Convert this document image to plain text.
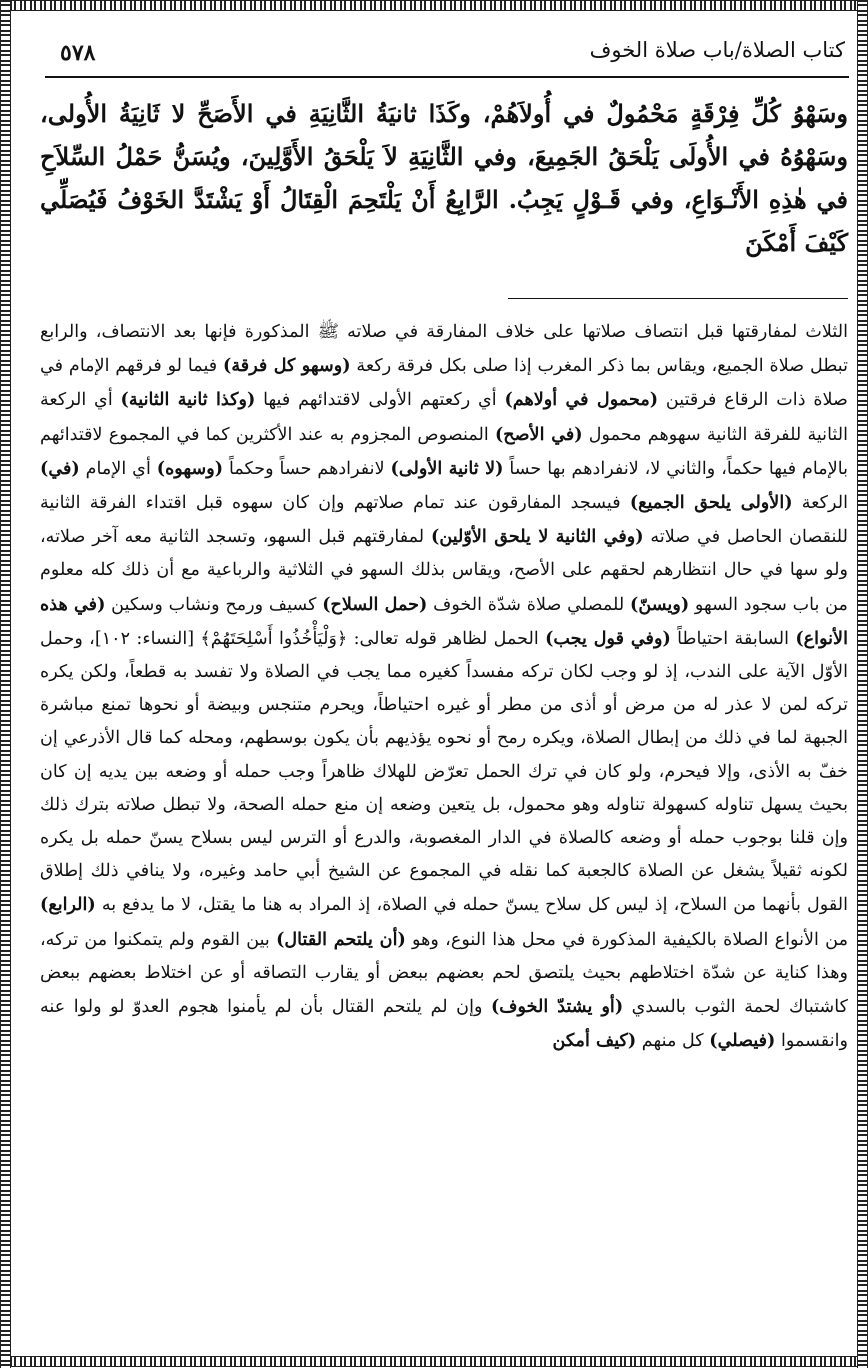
كتاب الصلاة/باب صلاة الخوف
٥٧٨

وسَهْوُ كُلِّ فِرْقَةٍ مَحْمُولٌ في أُولاَهُمْ، وكَذَا ثانيَةُ الثَّانِيَةِ في الأَصَحِّ لا ثَانِيَةُ الأُولى، وسَهْوُهُ في الأُولَى يَلْحَقُ الجَمِيعَ، وفي الثَّانِيَةِ لاَ يَلْحَقُ الأَوَّلِينَ، ويُسَنُّ حَمْلُ السِّلاَحِ في هٰذِهِ الأَنْـوَاعِ، وفي قَـوْلٍ يَجِبُ. الرَّابِعُ أَنْ يَلْتَحِمَ الْقِتَالُ أَوْ يَشْتَدَّ الخَوْفُ فَيُصَلِّي كَيْفَ أَمْكَنَ

الثلاث لمفارقتها قبل انتصاف صلاتها على خلاف المفارقة في صلاته ﷺ المذكورة فإنها بعد الانتصاف، والرابع تبطل صلاة الجميع، ويقاس بما ذكر المغرب إذا صلى بكل فرقة ركعة (وسهو كل فرقة) فيما لو فرقهم الإمام في صلاة ذات الرقاع فرقتين (محمول في أولاهم) أي ركعتهم الأولى لاقتدائهم فيها (وكذا ثانية الثانية) أي الركعة الثانية للفرقة الثانية سهوهم محمول (في الأصح) المنصوص المجزوم به عند الأكثرين كما في المجموع لاقتدائهم بالإمام فيها حكماً، والثاني لا، لانفرادهم بها حساً (لا ثانية الأولى) لانفرادهم حساً وحكماً (وسهوه) أي الإمام (في) الركعة (الأولى يلحق الجميع) فيسجد المفارقون عند تمام صلاتهم وإن كان سهوه قبل اقتداء الفرقة الثانية للنقصان الحاصل في صلاته (وفي الثانية لا يلحق الأوّلين) لمفارقتهم قبل السهو، وتسجد الثانية معه آخر صلاته، ولو سها في حال انتظارهم لحقهم على الأصح، ويقاس بذلك السهو في الثلاثية والرباعية مع أن ذلك كله معلوم من باب سجود السهو (ويسنّ) للمصلي صلاة شدّة الخوف (حمل السلاح) كسيف ورمح ونشاب وسكين (في هذه الأنواع) السابقة احتياطاً (وفي قول يجب) الحمل لظاهر قوله تعالى: ﴿وَلْيَأْخُذُوا أَسْلِحَتَهُمْ﴾ [النساء: ١٠٢]، وحمل الأوّل الآية على الندب، إذ لو وجب لكان تركه مفسداً كغيره مما يجب في الصلاة ولا تفسد به قطعاً، ولكن يكره تركه لمن لا عذر له من مرض أو أذى من مطر أو غيره احتياطاً، ويحرم متنجس وبيضة أو نحوها تمنع مباشرة الجبهة لما في ذلك من إبطال الصلاة، ويكره رمح أو نحوه يؤذيهم بأن يكون بوسطهم، ومحله كما قال الأذرعي إن خفّ به الأذى، وإلا فيحرم، ولو كان في ترك الحمل تعرّض للهلاك ظاهراً وجب حمله أو وضعه بين يديه إن كان بحيث يسهل تناوله كسهولة تناوله وهو محمول، بل يتعين وضعه إن منع حمله الصحة، ولا تبطل صلاته بترك ذلك وإن قلنا بوجوب حمله أو وضعه كالصلاة في الدار المغصوبة، والدرع أو الترس ليس بسلاح يسنّ حمله بل يكره لكونه ثقيلاً يشغل عن الصلاة كالجعبة كما نقله في المجموع عن الشيخ أبي حامد وغيره، ولا ينافي ذلك إطلاق القول بأنهما من السلاح، إذ ليس كل سلاح يسنّ حمله في الصلاة، إذ المراد به هنا ما يقتل، لا ما يدفع به (الرابع) من الأنواع الصلاة بالكيفية المذكورة في محل هذا النوع، وهو (أن يلتحم القتال) بين القوم ولم يتمكنوا من تركه، وهذا كناية عن شدّة اختلاطهم بحيث يلتصق لحم بعضهم ببعض أو يقارب التصاقه أو عن اختلاط بعضهم ببعض كاشتباك لحمة الثوب بالسدي (أو يشتدّ الخوف) وإن لم يلتحم القتال بأن لم يأمنوا هجوم العدوّ لو ولوا عنه وانقسموا (فيصلي) كل منهم (كيف أمكن
